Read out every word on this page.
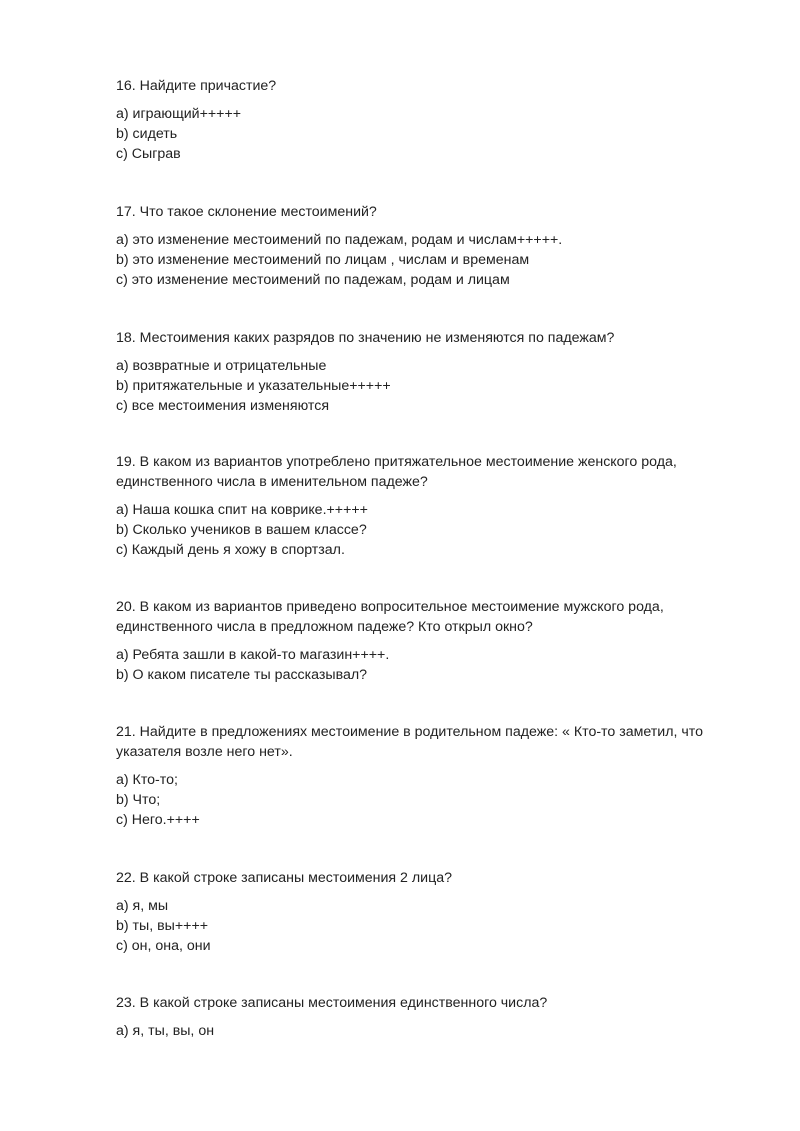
16. Найдите причастие?

a) играющий+++++
b) сидеть
c) Сыграв

17. Что такое склонение местоимений?

a) это изменение местоимений по падежам, родам и числам+++++.
b) это изменение местоимений по лицам , числам и временам
c) это изменение местоимений по падежам, родам и лицам

18. Местоимения каких разрядов по значению не изменяются по падежам?

a) возвратные и отрицательные
b) притяжательные и указательные+++++
c) все местоимения изменяются

19. В каком из вариантов употреблено притяжательное местоимение женского рода, единственного числа в именительном падеже?

a) Наша кошка спит на коврике.+++++
b) Сколько учеников в вашем классе?
c) Каждый день я хожу в спортзал.

20. В каком из вариантов приведено вопросительное местоимение мужского рода, единственного числа в предложном падеже? Кто открыл окно?

a) Ребята зашли в какой-то магазин++++.
b) О каком писателе ты рассказывал?

21. Найдите в предложениях местоимение в родительном падеже: « Кто-то заметил, что указателя возле него нет».

a) Кто-то;
b) Что;
c) Него.++++

22. В какой строке записаны местоимения 2 лица?

a) я, мы
b) ты, вы++++
c) он, она, они

23. В какой строке записаны местоимения единственного числа?

a) я, ты, вы, он
